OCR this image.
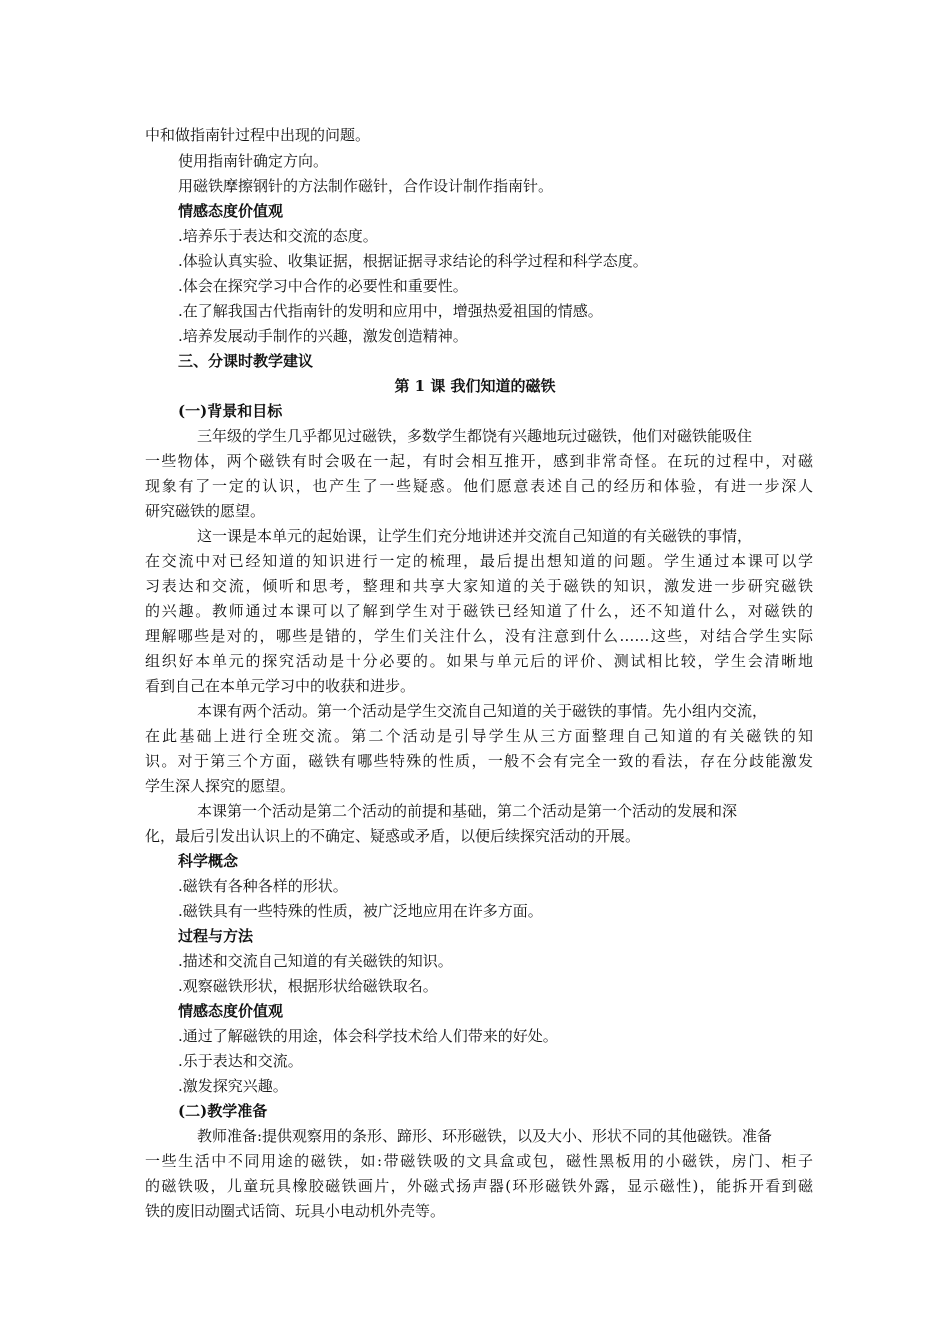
中和做指南针过程中出现的问题。
使用指南针确定方向。
用磁铁摩擦钢针的方法制作磁针，合作设计制作指南针。
情感态度价值观
.培养乐于表达和交流的态度。
.体验认真实验、收集证据，根据证据寻求结论的科学过程和科学态度。
.体会在探究学习中合作的必要性和重要性。
.在了解我国古代指南针的发明和应用中，增强热爱祖国的情感。
.培养发展动手制作的兴趣，激发创造精神。
三、分课时教学建议
第 1 课 我们知道的磁铁
(一)背景和目标
三年级的学生几乎都见过磁铁，多数学生都饶有兴趣地玩过磁铁，他们对磁铁能吸住
一些物体，两个磁铁有时会吸在一起，有时会相互推开，感到非常奇怪。在玩的过程中，对磁
现象有了一定的认识，也产生了一些疑惑。他们愿意表述自己的经历和体验，有进一步深人
研究磁铁的愿望。
这一课是本单元的起始课，让学生们充分地讲述并交流自己知道的有关磁铁的事情，
在交流中对已经知道的知识进行一定的梳理，最后提出想知道的问题。学生通过本课可以学
习表达和交流，倾听和思考，整理和共享大家知道的关于磁铁的知识，激发进一步研究磁铁
的兴趣。教师通过本课可以了解到学生对于磁铁已经知道了什么，还不知道什么，对磁铁的
理解哪些是对的，哪些是错的，学生们关注什么，没有注意到什么……这些，对结合学生实际
组织好本单元的探究活动是十分必要的。如果与单元后的评价、测试相比较，学生会清晰地
看到自己在本单元学习中的收获和进步。
本课有两个活动。第一个活动是学生交流自己知道的关于磁铁的事情。先小组内交流，
在此基础上进行全班交流。第二个活动是引导学生从三方面整理自己知道的有关磁铁的知
识。对于第三个方面，磁铁有哪些特殊的性质，一般不会有完全一致的看法，存在分歧能激发
学生深人探究的愿望。
本课第一个活动是第二个活动的前提和基础，第二个活动是第一个活动的发展和深
化，最后引发出认识上的不确定、疑惑或矛盾，以便后续探究活动的开展。
科学概念
.磁铁有各种各样的形状。
.磁铁具有一些特殊的性质，被广泛地应用在许多方面。
过程与方法
.描述和交流自己知道的有关磁铁的知识。
.观察磁铁形状，根据形状给磁铁取名。
情感态度价值观
.通过了解磁铁的用途，体会科学技术给人们带来的好处。
.乐于表达和交流。
.激发探究兴趣。
(二)教学准备
教师准备:提供观察用的条形、蹄形、环形磁铁，以及大小、形状不同的其他磁铁。准备
一些生活中不同用途的磁铁，如:带磁铁吸的文具盒或包，磁性黑板用的小磁铁，房门、柜子
的磁铁吸，儿童玩具橡胶磁铁画片，外磁式扬声器(环形磁铁外露，显示磁性)，能拆开看到磁
铁的废旧动圈式话筒、玩具小电动机外壳等。
